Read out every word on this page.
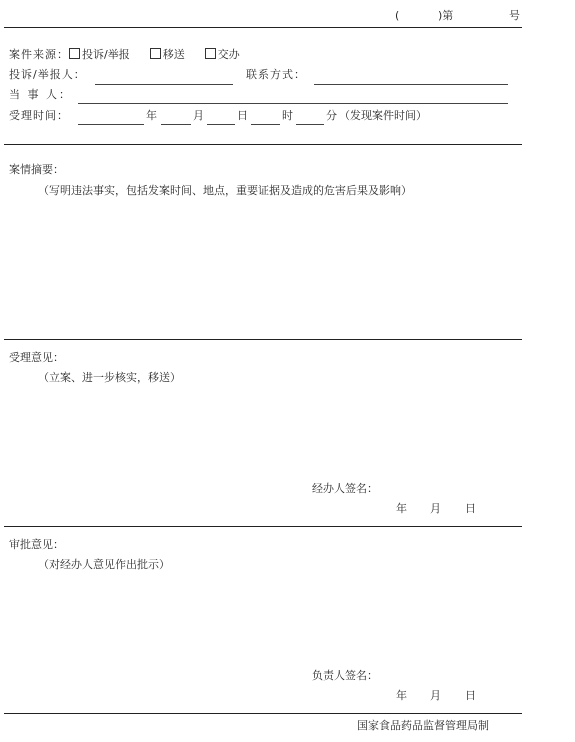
(	)第	号
案件来源： 投诉/举报	移送	交办
投诉/举报人：	联系方式：
当 事 人：
受理时间：	年	月	日	时	分 （发现案件时间）
案情摘要：
（写明违法事实，包括发案时间、地点，重要证据及造成的危害后果及影响）
受理意见：
（立案、进一步核实，移送）
经办人签名：
年 月 日
审批意见：
（对经办人意见作出批示）
负责人签名：
年 月 日
国家食品药品监督管理局制
